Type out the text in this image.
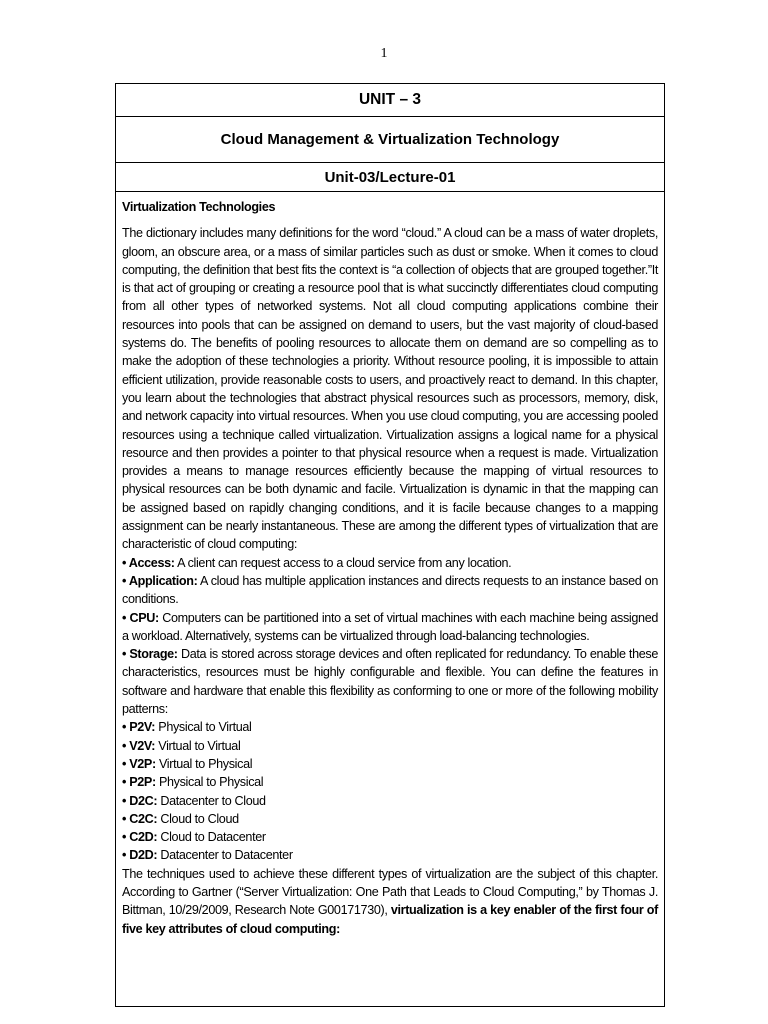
1
UNIT – 3
Cloud Management & Virtualization Technology
Unit-03/Lecture-01

Virtualization Technologies

The dictionary includes many definitions for the word “cloud.” A cloud can be a mass of water droplets, gloom, an obscure area, or a mass of similar particles such as dust or smoke. When it comes to cloud computing, the definition that best fits the context is “a collection of objects that are grouped together.”It is that act of grouping or creating a resource pool that is what succinctly differentiates cloud computing from all other types of networked systems. Not all cloud computing applications combine their resources into pools that can be assigned on demand to users, but the vast majority of cloud-based systems do. The benefits of pooling resources to allocate them on demand are so compelling as to make the adoption of these technologies a priority. Without resource pooling, it is impossible to attain efficient utilization, provide reasonable costs to users, and proactively react to demand. In this chapter, you learn about the technologies that abstract physical resources such as processors, memory, disk, and network capacity into virtual resources. When you use cloud computing, you are accessing pooled resources using a technique called virtualization. Virtualization assigns a logical name for a physical resource and then provides a pointer to that physical resource when a request is made. Virtualization provides a means to manage resources efficiently because the mapping of virtual resources to physical resources can be both dynamic and facile. Virtualization is dynamic in that the mapping can be assigned based on rapidly changing conditions, and it is facile because changes to a mapping assignment can be nearly instantaneous. These are among the different types of virtualization that are characteristic of cloud computing:

• Access: A client can request access to a cloud service from any location.
• Application: A cloud has multiple application instances and directs requests to an instance based on conditions.
• CPU: Computers can be partitioned into a set of virtual machines with each machine being assigned a workload. Alternatively, systems can be virtualized through load-balancing technologies.
• Storage: Data is stored across storage devices and often replicated for redundancy. To enable these characteristics, resources must be highly configurable and flexible. You can define the features in software and hardware that enable this flexibility as conforming to one or more of the following mobility patterns:
• P2V: Physical to Virtual
• V2V: Virtual to Virtual
• V2P: Virtual to Physical
• P2P: Physical to Physical
• D2C: Datacenter to Cloud
• C2C: Cloud to Cloud
• C2D: Cloud to Datacenter
• D2D: Datacenter to Datacenter

The techniques used to achieve these different types of virtualization are the subject of this chapter. According to Gartner (“Server Virtualization: One Path that Leads to Cloud Computing,” by Thomas J. Bittman, 10/29/2009, Research Note G00171730), virtualization is a key enabler of the first four of five key attributes of cloud computing:
